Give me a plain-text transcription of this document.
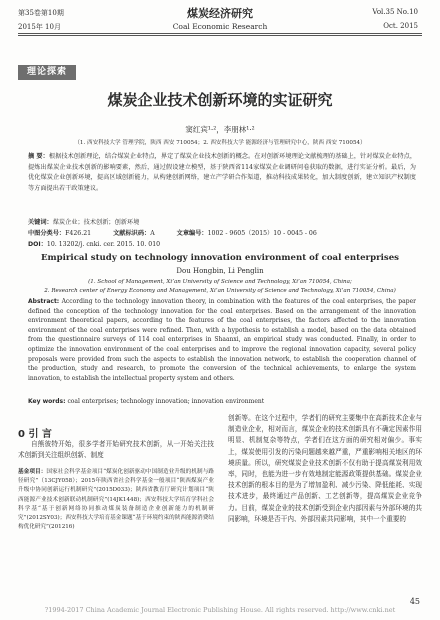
第35卷第10期
2015年 10月
煤炭经济研究
Coal Economic Research
Vol.35 No.10
Oct. 2015
理论探索
煤炭企业技术创新环境的实证研究
窦红宾¹·²，李朋林¹·²
（1. 西安科技大学 管理学院，陕西 西安 710054；2. 西安科技大学 能源经济与管理研究中心，陕西 西安 710054）
摘 要：根据技术创新理论，结合煤炭企业特点，界定了煤炭企业技术创新的概念。在对创新环境理论文献梳理的基础上，针对煤炭企业特点，提炼出煤炭企业技术创新的影响要素，然后，通过假设建立模型，基于陕西省114家煤炭企业调研问卷获取的数据，进行实证分析。最后，为优化煤炭企业创新环境，提高区域创新能力，从构建创新网络，建立产学研合作渠道，推动科技成果转化，加大制度创新，建立知识产权制度等方面提出若干政策建议。
关键词：煤炭企业；技术创新；创新环境
中图分类号：F426.21	文献标识码：A	文章编号：1002 - 9605（2015）10 - 0045 - 06
DOI：10. 13202/j. cnki. cer. 2015. 10. 010
Empirical study on technology innovation environment of coal enterprises
Dou Hongbin, Li Penglin
(1. School of Management, Xi’an University of Science and Technology, Xi’an 710054, China;
2. Research center of Energy Economy and Management, Xi’an University of Science and Technology, Xi’an 710054, China)
Abstract: According to the technology innovation theory, in combination with the features of the coal enterprises, the paper defined the conception of the technology innovation for the coal enterprises. Based on the arrangement of the innovation environment theoretical papers, according to the features of the coal enterprises, the factors affected to the innovation environment of the coal enterprises were refined. Then, with a hypothesis to establish a model, based on the data obtained from the questionnaire surveys of 114 coal enterprises in Shaanxi, an empirical study was conducted. Finally, in order to optimize the innovation environment of the coal enterprises and to improve the regional innovation capacity, several policy proposals were provided from such the aspects to establish the innovation network, to establish the cooperation channel of the production, study and research, to promote the conversion of the technical achievements, to enlarge the system innovation, to establish the intellectual property system and others.
Key words: coal enterprises; technology innovation; innovation environment
0 引 言
自熊彼特开始，很多学者开始研究技术创新，从一开始关注技术创新到关注组织创新、制度
创新等。在这个过程中，学者们的研究主要集中在高新技术企业与制造业企业，相对而言，煤炭企业的技术创新具有不确定因素作用明显、机制复杂等特点，学者们在这方面的研究相对偏少。事实上，煤炭使用引发的污染问题越来越严重，严重影响相关地区的环境质量。所以，研究煤炭企业技术创新不仅有助于提高煤炭利用效率，同时，也能为进一步有效地制定能源政策提供基础。煤炭企业技术创新的根本目的是为了增加盈利、减少污染、降低能耗、实现技术进步，最终通过产品创新、工艺创新等，提高煤炭企业竞争力。目前，煤炭企业的技术创新受到企业内部因素与外部环境的共同影响，环境是否干内、外部因素共同影响，其中一个重要的
基金项目：国家社会科学基金项目“煤炭化创新驱动中国制造业升级的机制与路径研究”（13CJY058）；2015年陕西省社会科学基金一般项目“陕西煤炭产业升级中协同创新运行机制研究”(2015D033)；陕西省教育厅研究计划项目“陕西能源产业技术创新联动机制研究”(14JK1448)；西安科技大学培育学科社会科学基“基于创新网络协同推动煤炭装备制造企业创新能力的机制研究”(2012SY03)；西安科技大学培育基金课题“基于环境约束的陕西能源消费结构优化研究”(201216)
45
?1994-2017 China Academic Journal Electronic Publishing House. All rights reserved. http://www.cnki.net
